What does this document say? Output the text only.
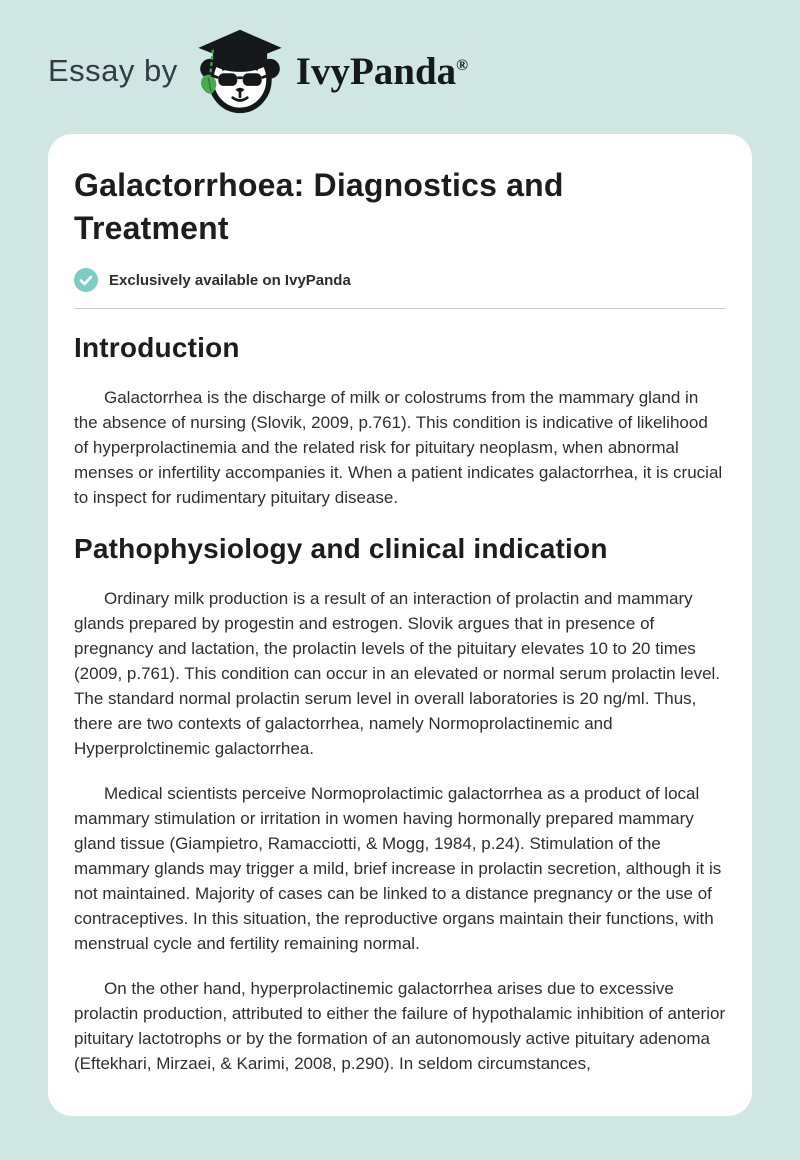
Essay by	IvyPanda®
Galactorrhoea: Diagnostics and Treatment
Exclusively available on IvyPanda
Introduction

Galactorrhea is the discharge of milk or colostrums from the mammary gland in the absence of nursing (Slovik, 2009, p.761). This condition is indicative of likelihood of hyperprolactinemia and the related risk for pituitary neoplasm, when abnormal menses or infertility accompanies it. When a patient indicates galactorrhea, it is crucial to inspect for rudimentary pituitary disease.

Pathophysiology and clinical indication

Ordinary milk production is a result of an interaction of prolactin and mammary glands prepared by progestin and estrogen. Slovik argues that in presence of pregnancy and lactation, the prolactin levels of the pituitary elevates 10 to 20 times (2009, p.761). This condition can occur in an elevated or normal serum prolactin level. The standard normal prolactin serum level in overall laboratories is 20 ng/ml. Thus, there are two contexts of galactorrhea, namely Normoprolactinemic and Hyperprolctinemic galactorrhea.

Medical scientists perceive Normoprolactimic galactorrhea as a product of local mammary stimulation or irritation in women having hormonally prepared mammary gland tissue (Giampietro, Ramacciotti, & Mogg, 1984, p.24). Stimulation of the mammary glands may trigger a mild, brief increase in prolactin secretion, although it is not maintained. Majority of cases can be linked to a distance pregnancy or the use of contraceptives. In this situation, the reproductive organs maintain their functions, with menstrual cycle and fertility remaining normal.

On the other hand, hyperprolactinemic galactorrhea arises due to excessive prolactin production, attributed to either the failure of hypothalamic inhibition of anterior pituitary lactotrophs or by the formation of an autonomously active pituitary adenoma (Eftekhari, Mirzaei, & Karimi, 2008, p.290). In seldom circumstances,
